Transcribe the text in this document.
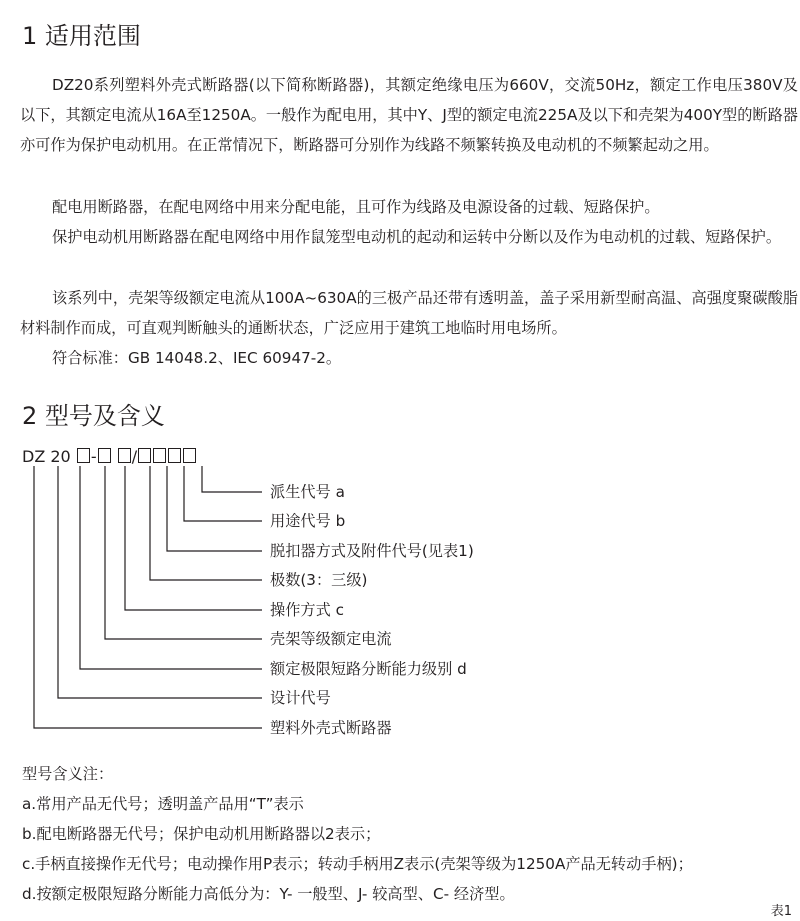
1 适用范围

DZ20系列塑料外壳式断路器(以下简称断路器)，其额定绝缘电压为660V，交流50Hz，额定工作电压380V及以下，其额定电流从16A至1250A。一般作为配电用，其中Y、J型的额定电流225A及以下和壳架为400Y型的断路器亦可作为保护电动机用。在正常情况下，断路器可分别作为线路不频繁转换及电动机的不频繁起动之用。

配电用断路器，在配电网络中用来分配电能，且可作为线路及电源设备的过载、短路保护。

保护电动机用断路器在配电网络中用作鼠笼型电动机的起动和运转中分断以及作为电动机的过载、短路保护。

该系列中，壳架等级额定电流从100A~630A的三极产品还带有透明盖，盖子采用新型耐高温、高强度聚碳酸脂材料制作而成，可直观判断触头的通断状态，广泛应用于建筑工地临时用电场所。

符合标准：GB 14048.2、IEC 60947-2。

2 型号及含义
DZ 20 - /
派生代号 a
用途代号 b
脱扣器方式及附件代号(见表1)
极数(3：三级)
操作方式 c
壳架等级额定电流
额定极限短路分断能力级别 d
设计代号
塑料外壳式断路器

型号含义注：

a.常用产品无代号；透明盖产品用“T”表示

b.配电断路器无代号；保护电动机用断路器以2表示；

c.手柄直接操作无代号；电动操作用P表示；转动手柄用Z表示(壳架等级为1250A产品无转动手柄)；

d.按额定极限短路分断能力高低分为：Y- 一般型、J- 较高型、C- 经济型。

表1
